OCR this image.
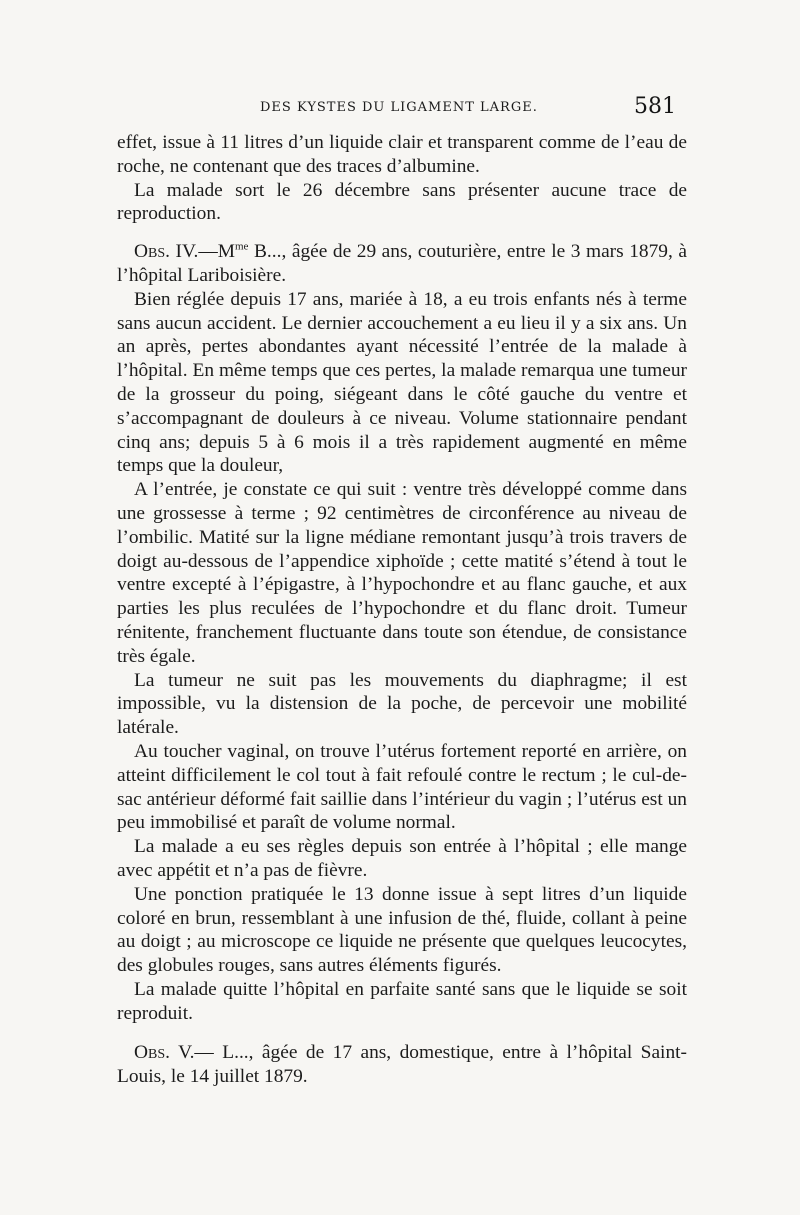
DES KYSTES DU LIGAMENT LARGE.	581

effet, issue à 11 litres d’un liquide clair et transparent comme de l’eau de roche, ne contenant que des traces d’albumine.

La malade sort le 26 décembre sans présenter aucune trace de reproduction.

Obs. $IV.—M^{me}$ B..., âgée de 29 ans, couturière, entre le 3 mars 1879, à l’hôpital Lariboisière.

Bien réglée depuis 17 ans, mariée à 18, a eu trois enfants nés à terme sans aucun accident. Le dernier accouchement a eu lieu il y a six ans. Un an après, pertes abondantes ayant nécessité l’entrée de la malade à l’hôpital. En même temps que ces pertes, la malade remarqua une tumeur de la grosseur du poing, siégeant dans le côté gauche du ventre et s’accompagnant de douleurs à ce niveau. Volume stationnaire pendant cinq ans; depuis 5 à 6 mois il a très rapidement augmenté en même temps que la douleur,

A l’entrée, je constate ce qui suit : ventre très développé comme dans une grossesse à terme ; 92 centimètres de circonférence au niveau de l’ombilic. Matité sur la ligne médiane remontant jusqu’à trois travers de doigt au-dessous de l’appendice xiphoïde ; cette matité s’étend à tout le ventre excepté à l’épigastre, à l’hypochondre et au flanc gauche, et aux parties les plus reculées de l’hypochondre et du flanc droit. Tumeur rénitente, franchement fluctuante dans toute son étendue, de consistance très égale.

La tumeur ne suit pas les mouvements du diaphragme; il est impossible, vu la distension de la poche, de percevoir une mobilité latérale.

Au toucher vaginal, on trouve l’utérus fortement reporté en arrière, on atteint difficilement le col tout à fait refoulé contre le rectum ; le cul-de-sac antérieur déformé fait saillie dans l’intérieur du vagin ; l’utérus est un peu immobilisé et paraît de volume normal.

La malade a eu ses règles depuis son entrée à l’hôpital ; elle mange avec appétit et n’a pas de fièvre.

Une ponction pratiquée le 13 donne issue à sept litres d’un liquide coloré en brun, ressemblant à une infusion de thé, fluide, collant à peine au doigt ; au microscope ce liquide ne présente que quelques leucocytes, des globules rouges, sans autres éléments figurés.

La malade quitte l’hôpital en parfaite santé sans que le liquide se soit reproduit.

Obs. V.— L..., âgée de 17 ans, domestique, entre à l’hôpital Saint-Louis, le 14 juillet 1879.
